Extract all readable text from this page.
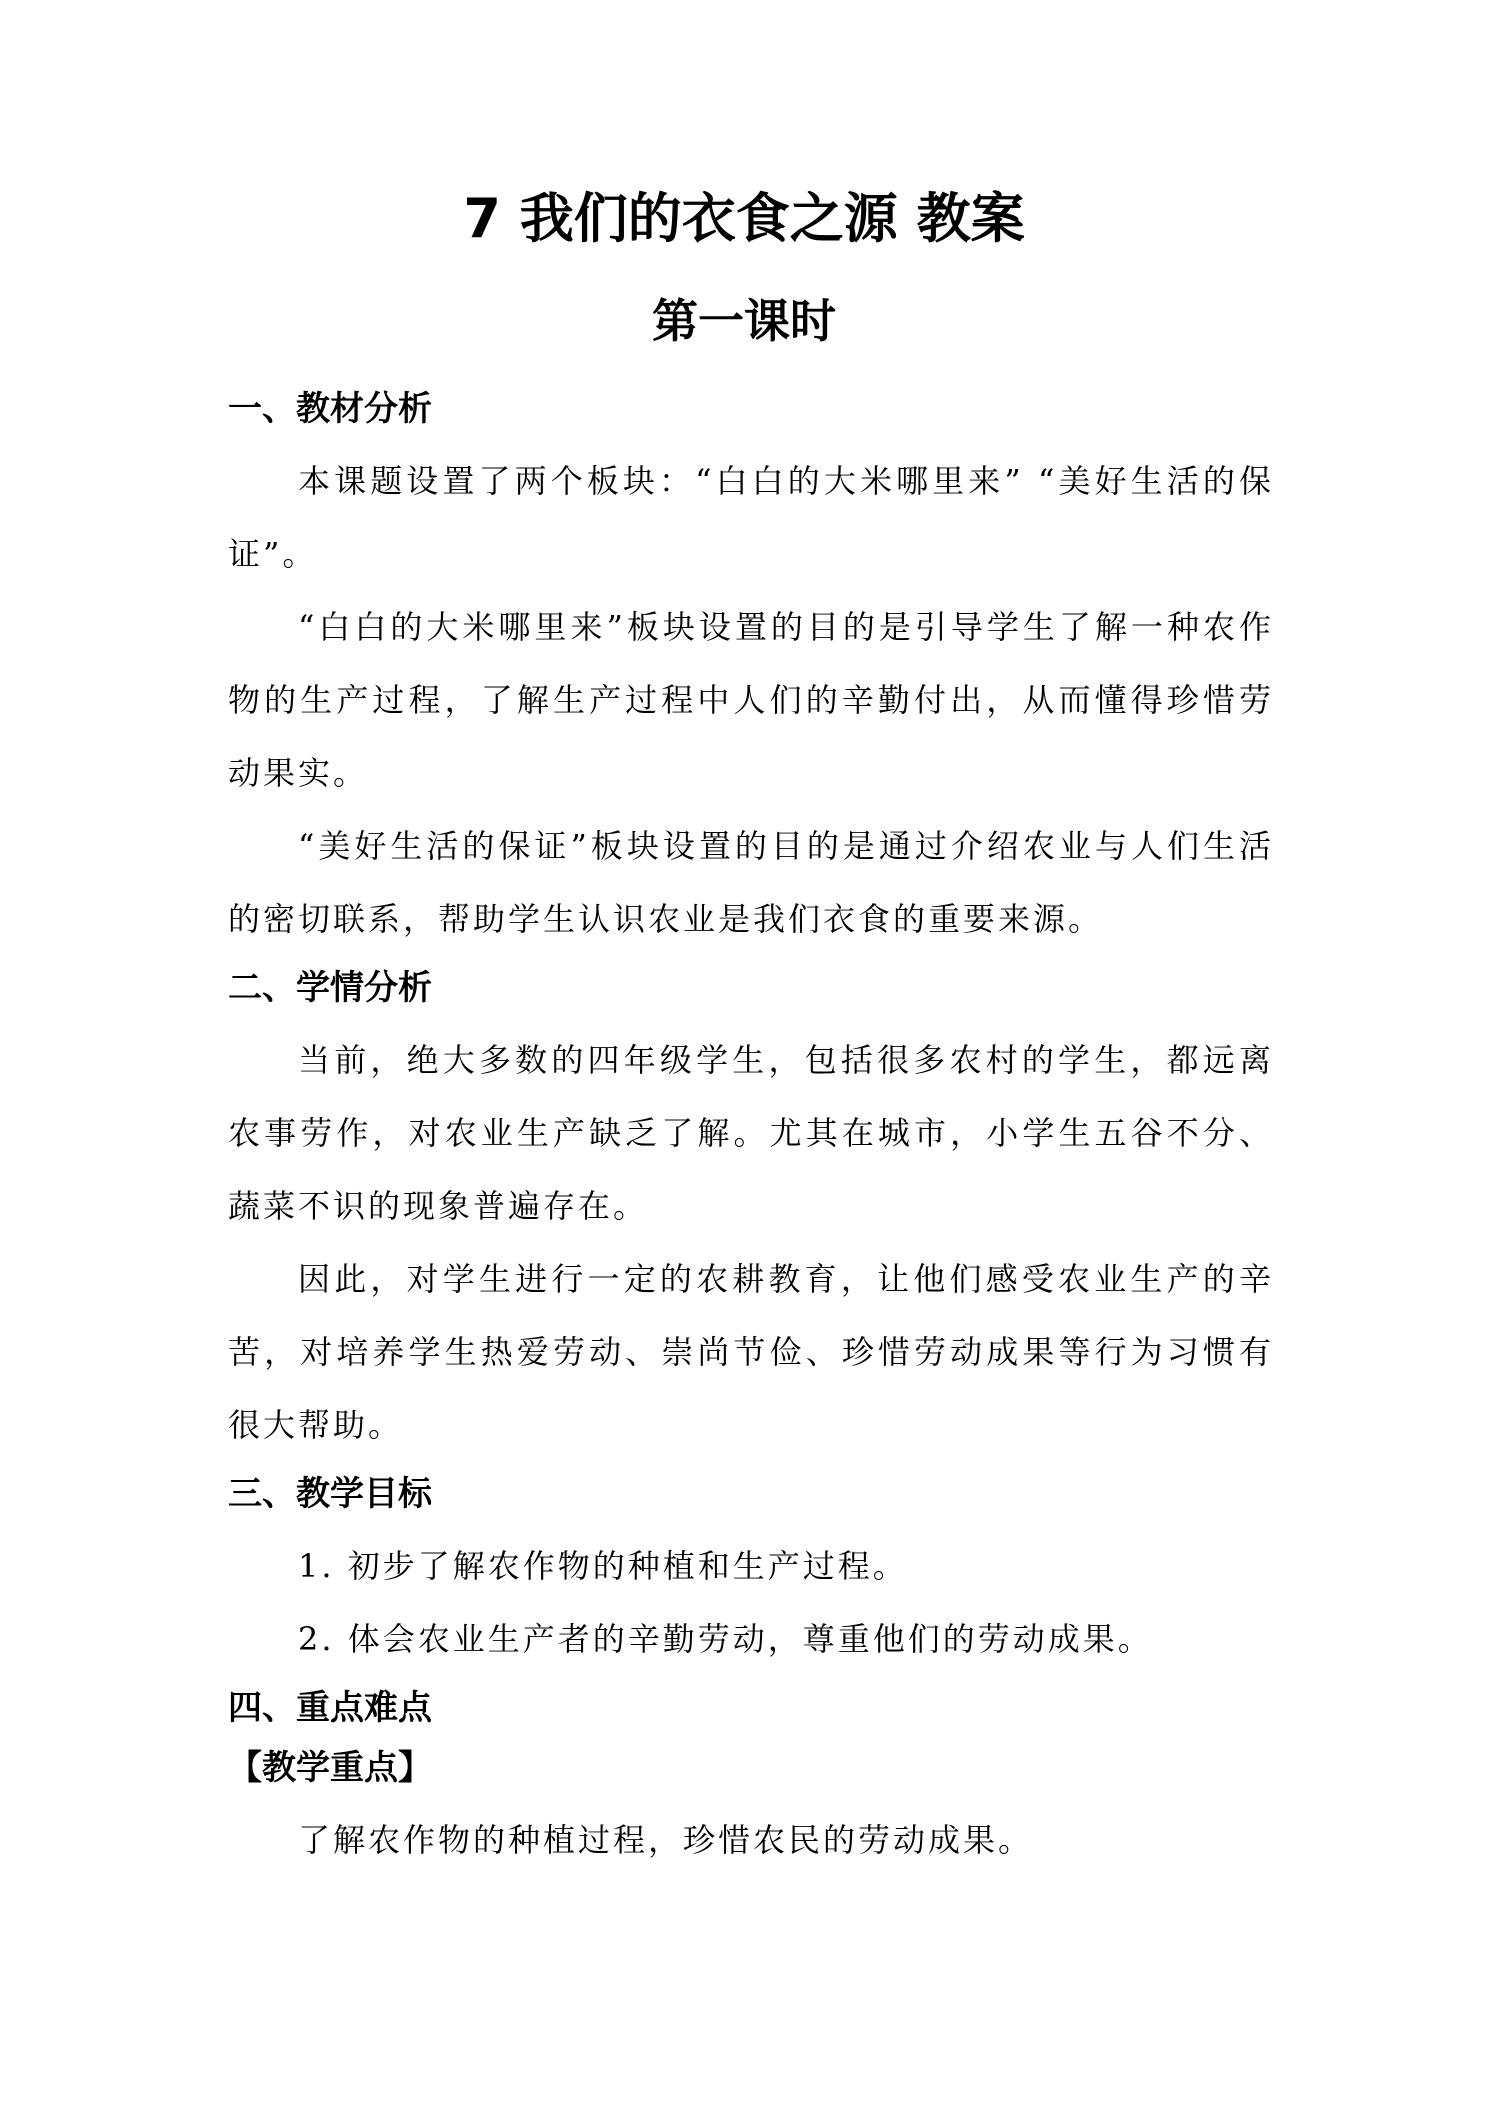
7 我们的衣食之源 教案
第一课时
一、教材分析

本课题设置了两个板块：“白白的大米哪里来” “美好生活的保证”。

“白白的大米哪里来”板块设置的目的是引导学生了解一种农作物的生产过程，了解生产过程中人们的辛勤付出，从而懂得珍惜劳动果实。

“美好生活的保证”板块设置的目的是通过介绍农业与人们生活的密切联系，帮助学生认识农业是我们衣食的重要来源。

二、学情分析

当前，绝大多数的四年级学生，包括很多农村的学生，都远离农事劳作，对农业生产缺乏了解。尤其在城市，小学生五谷不分、蔬菜不识的现象普遍存在。

因此，对学生进行一定的农耕教育，让他们感受农业生产的辛苦，对培养学生热爱劳动、崇尚节俭、珍惜劳动成果等行为习惯有很大帮助。

三、教学目标

1. 初步了解农作物的种植和生产过程。

2. 体会农业生产者的辛勤劳动，尊重他们的劳动成果。

四、重点难点
【教学重点】

了解农作物的种植过程，珍惜农民的劳动成果。
